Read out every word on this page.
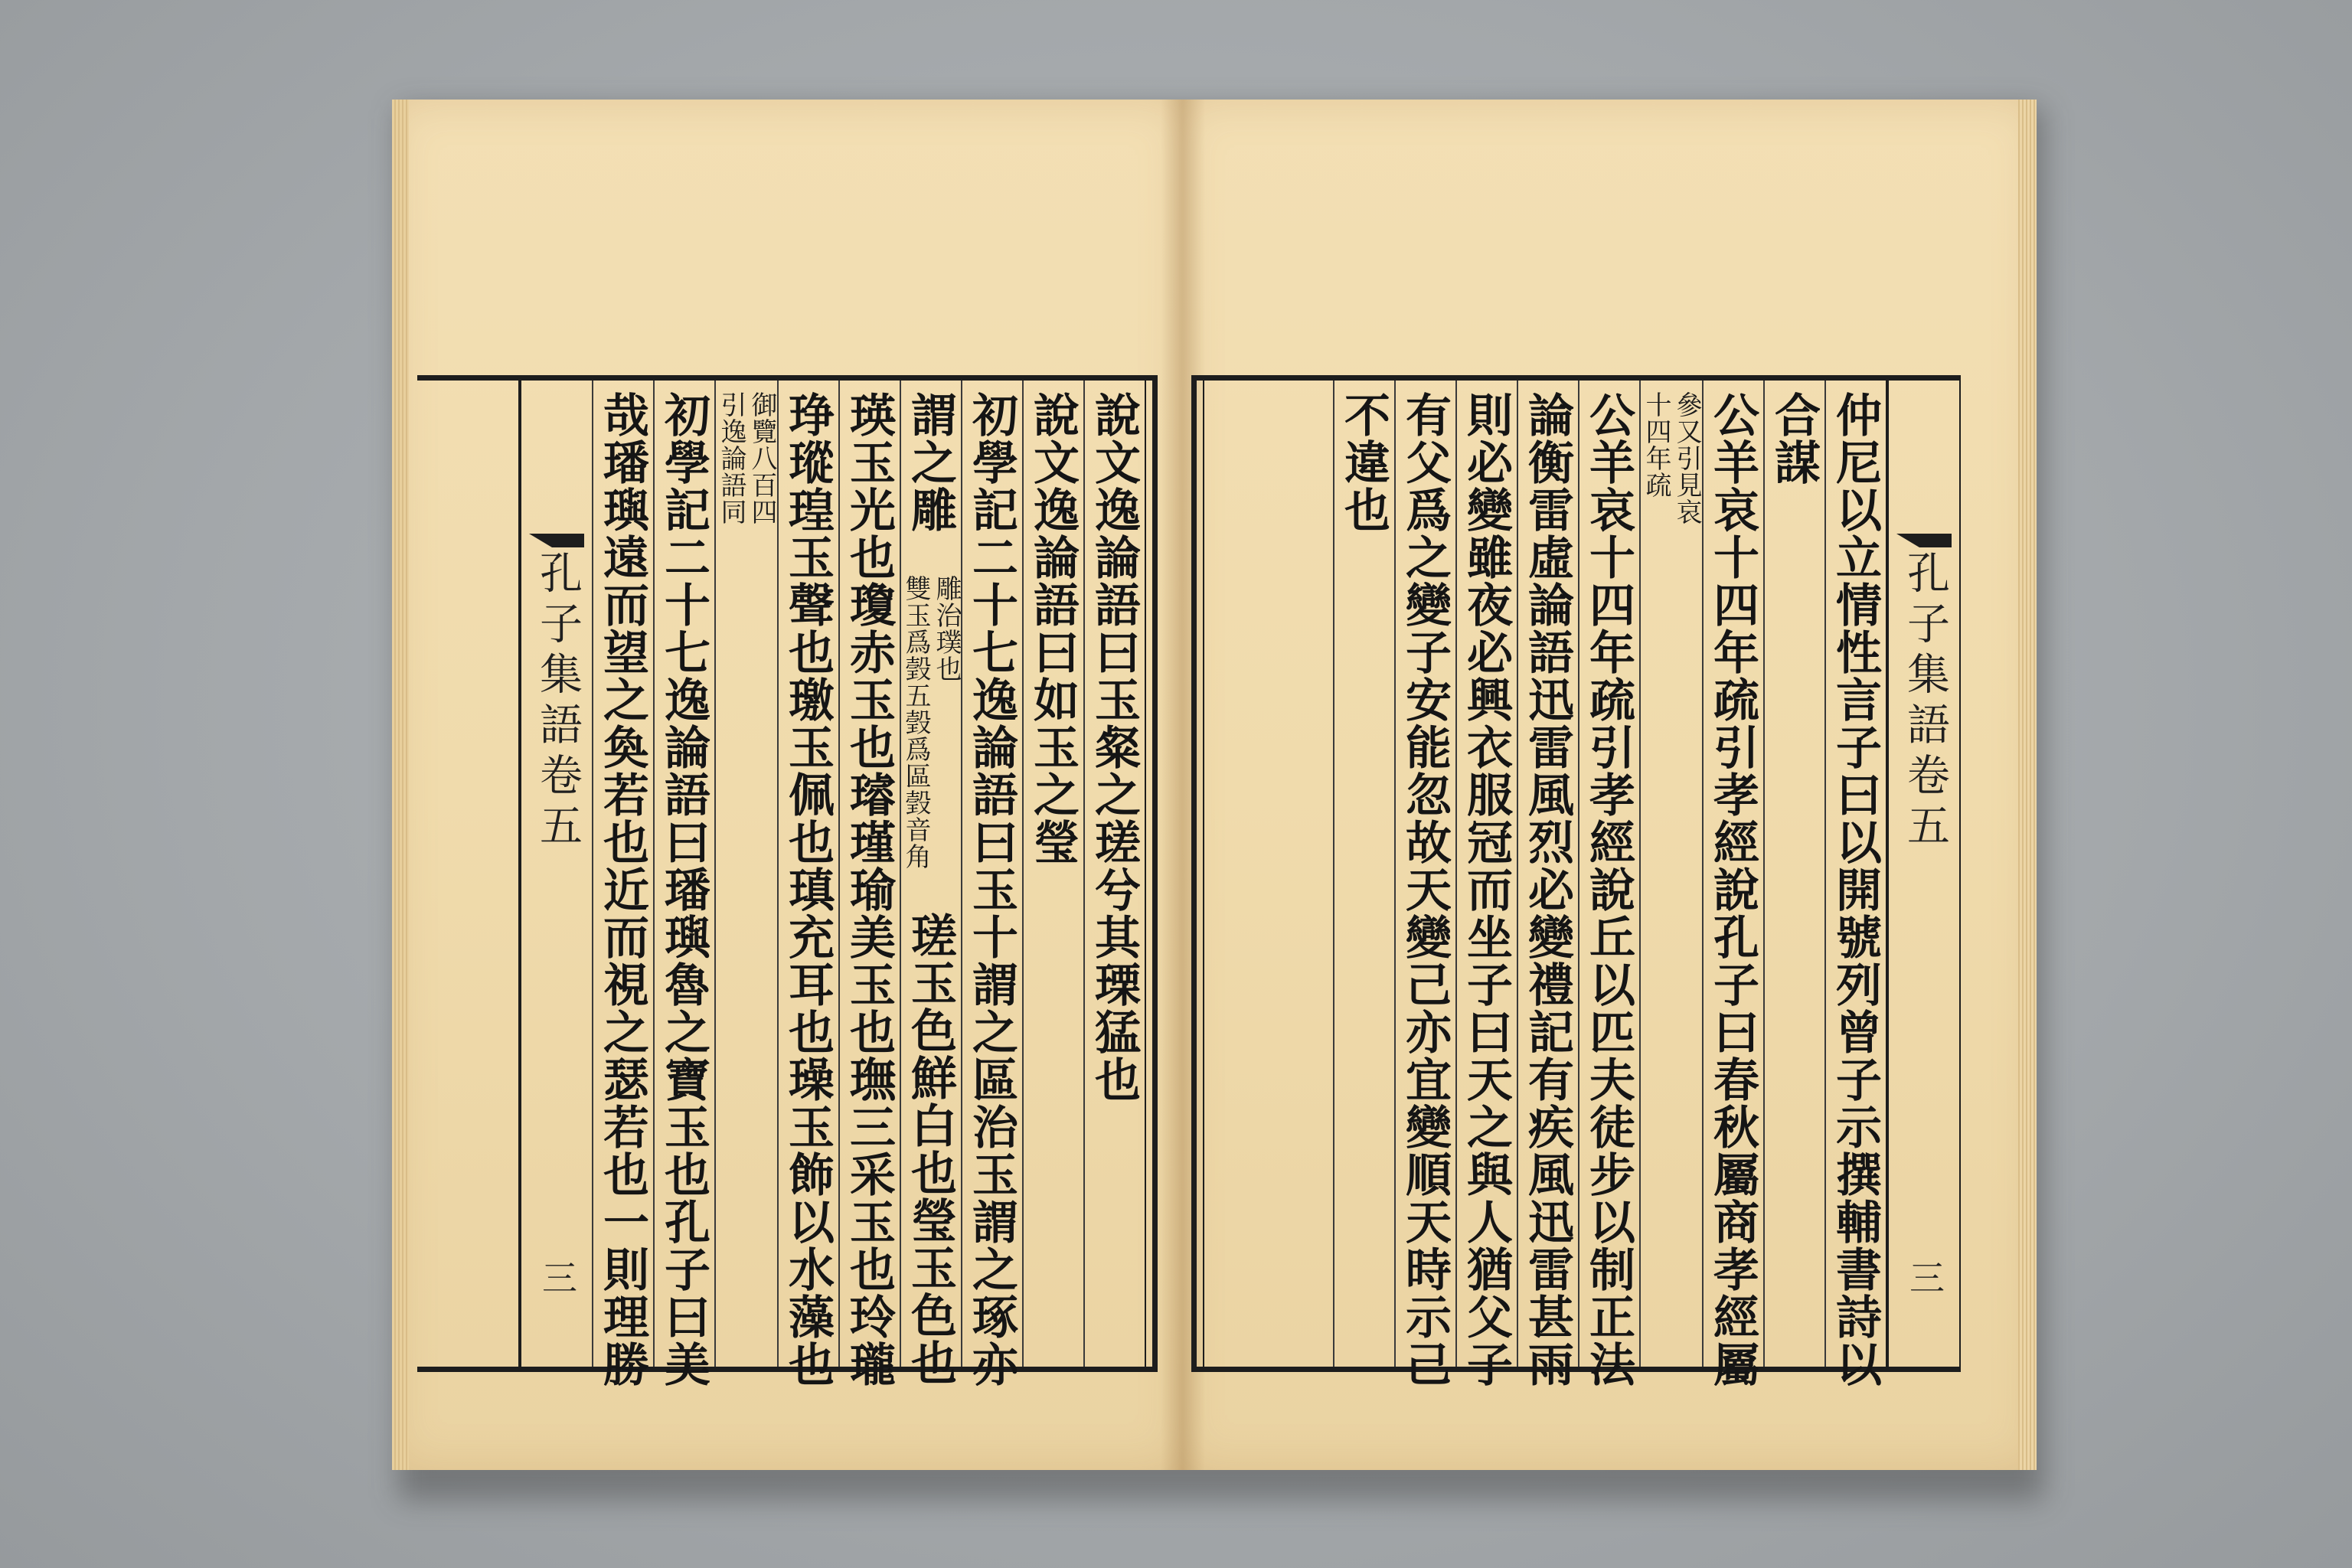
孔子集語卷五
三
仲尼以立情性言子曰以開號列曾子示撰輔書詩以
合謀
公羊哀十四年疏引孝經說孔子曰春秋屬商孝經屬
參又引見哀
十四年疏
公羊哀十四年疏引孝經說丘以匹夫徒步以制正法
論衡雷虛論語迅雷風烈必變禮記有疾風迅雷甚雨
則必變雖夜必興衣服冠而坐子曰天之與人猶父子
有父爲之變子安能忽故天變己亦宜變順天時示己
不違也
說文逸論語曰玉粲之瑳兮其瑮猛也
說文逸論語曰如玉之瑩
初學記二十七逸論語曰玉十謂之區治玉謂之琢亦
謂之雕
雕治璞也
雙玉爲瑴五瑴爲區瑴音角
瑳玉色鮮白也瑩玉色也
瑛玉光也瓊赤玉也璿瑾瑜美玉也璑三采玉也玲瓏
琤瑽瑝玉聲也璬玉佩也瑱充耳也璪玉飾以水藻也
御覽八百四
引逸論語同
初學記二十七逸論語曰璠璵魯之寶玉也孔子曰美
哉璠璵遠而望之奐若也近而視之瑟若也一則理勝
孔子集語卷五
三
